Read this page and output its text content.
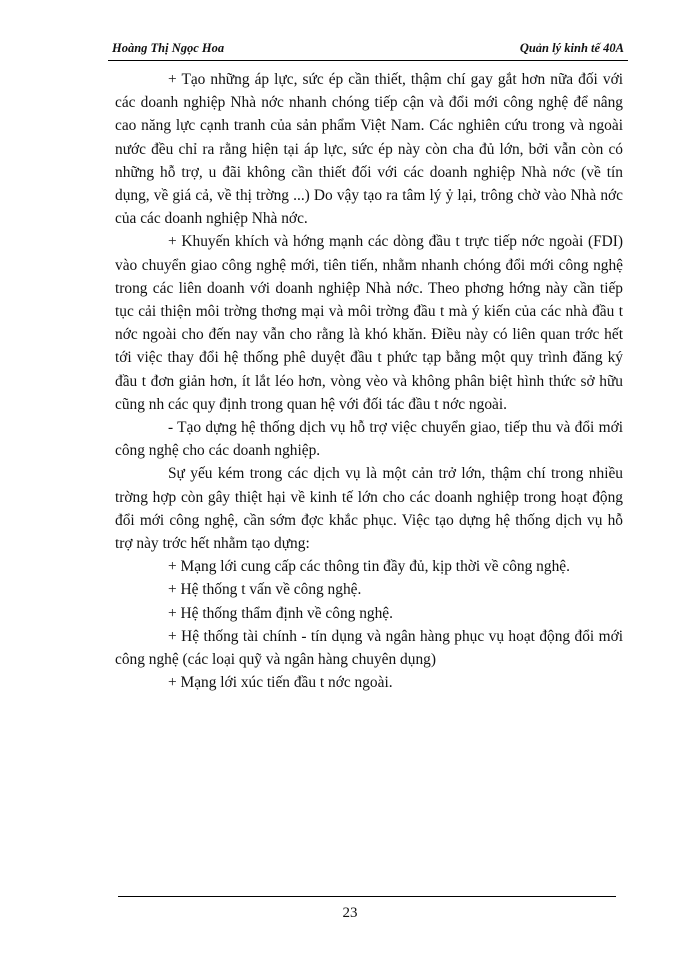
Hoàng Thị Ngọc Hoa	Quản lý kinh tế 40A

+ Tạo những áp lực, sức ép cần thiết, thậm chí gay gắt hơn nữa đối với các doanh nghiệp Nhà nớc nhanh chóng tiếp cận và đổi mới công nghệ để nâng cao năng lực cạnh tranh của sản phẩm Việt Nam. Các nghiên cứu trong và ngoài nước đều chỉ ra rằng hiện tại áp lực, sức ép này còn cha đủ lớn, bởi vẫn còn có những hỗ trợ, u đãi không cần thiết đối với các doanh nghiệp Nhà nớc (về tín dụng, về giá cả, về thị trờng ...) Do vậy tạo ra tâm lý ỷ lại, trông chờ vào Nhà nớc của các doanh nghiệp Nhà nớc.

+ Khuyến khích và hớng mạnh các dòng đầu t trực tiếp nớc ngoài (FDI) vào chuyển giao công nghệ mới, tiên tiến, nhằm nhanh chóng đổi mới công nghệ trong các liên doanh với doanh nghiệp Nhà nớc. Theo phơng hớng này cần tiếp tục cải thiện môi trờng thơng mại và môi trờng đầu t mà ý kiến của các nhà đầu t nớc ngoài cho đến nay vẫn cho rằng là khó khăn. Điều này có liên quan trớc hết tới việc thay đổi hệ thống phê duyệt đầu t phức tạp bằng một quy trình đăng ký đầu t đơn giản hơn, ít lắt léo hơn, vòng vèo và không phân biệt hình thức sở hữu cũng nh các quy định trong quan hệ với đối tác đầu t nớc ngoài.

- Tạo dựng hệ thống dịch vụ hỗ trợ việc chuyển giao, tiếp thu và đổi mới công nghệ cho các doanh nghiệp.

Sự yếu kém trong các dịch vụ là một cản trở lớn, thậm chí trong nhiều trờng hợp còn gây thiệt hại về kinh tế lớn cho các doanh nghiệp trong hoạt động đổi mới công nghệ, cần sớm đợc khắc phục. Việc tạo dựng hệ thống dịch vụ hỗ trợ này trớc hết nhằm tạo dựng:

+ Mạng lới cung cấp các thông tin đầy đủ, kịp thời về công nghệ.

+ Hệ thống t vấn về công nghệ.

+ Hệ thống thẩm định về công nghệ.

+ Hệ thống tài chính - tín dụng và ngân hàng phục vụ hoạt động đổi mới công nghệ (các loại quỹ và ngân hàng chuyên dụng)

+ Mạng lới xúc tiến đầu t nớc ngoài.

23
